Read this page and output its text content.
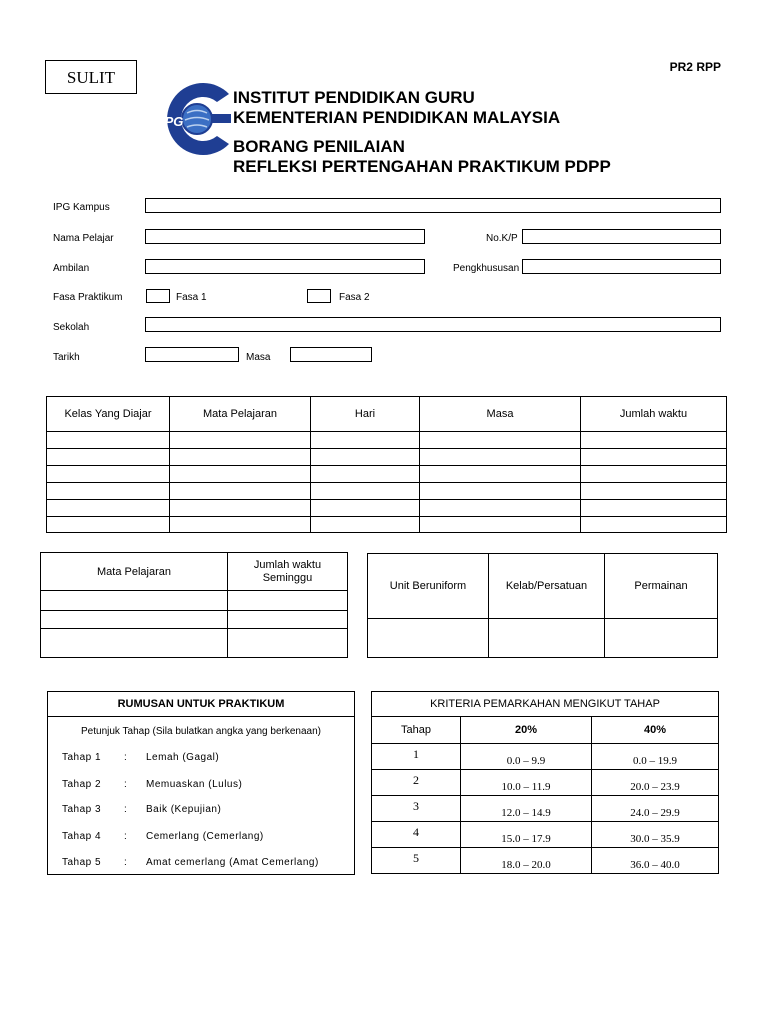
SULIT
PR2 RPP
IPG
INSTITUT PENDIDIKAN GURU
KEMENTERIAN PENDIDIKAN MALAYSIA
BORANG PENILAIAN
REFLEKSI PERTENGAHAN PRAKTIKUM PDPP
IPG Kampus
Nama Pelajar	No.K/P
Ambilan	Pengkhususan
Fasa Praktikum	Fasa 1	Fasa 2
Sekolah
Tarikh	Masa
Kelas Yang Diajar	Mata Pelajaran	Hari	Masa	Jumlah waktu

Mata Pelajaran	Jumlah waktu Seminggu

Unit Beruniform	Kelab/Persatuan	Permainan

RUMUSAN UNTUK PRAKTIKUM
Petunjuk Tahap (Sila bulatkan angka yang berkenaan)
Tahap 1 : Lemah (Gagal)
Tahap 2 : Memuaskan (Lulus)
Tahap 3 : Baik (Kepujian)
Tahap 4 : Cemerlang (Cemerlang)
Tahap 5 : Amat cemerlang (Amat Cemerlang)
KRITERIA PEMARKAHAN MENGIKUT TAHAP		
Tahap	20%	40%
1	0.0 – 9.9	0.0 – 19.9
2	10.0 – 11.9	20.0 – 23.9
3	12.0 – 14.9	24.0 – 29.9
4	15.0 – 17.9	30.0 – 35.9
5	18.0 – 20.0	36.0 – 40.0
